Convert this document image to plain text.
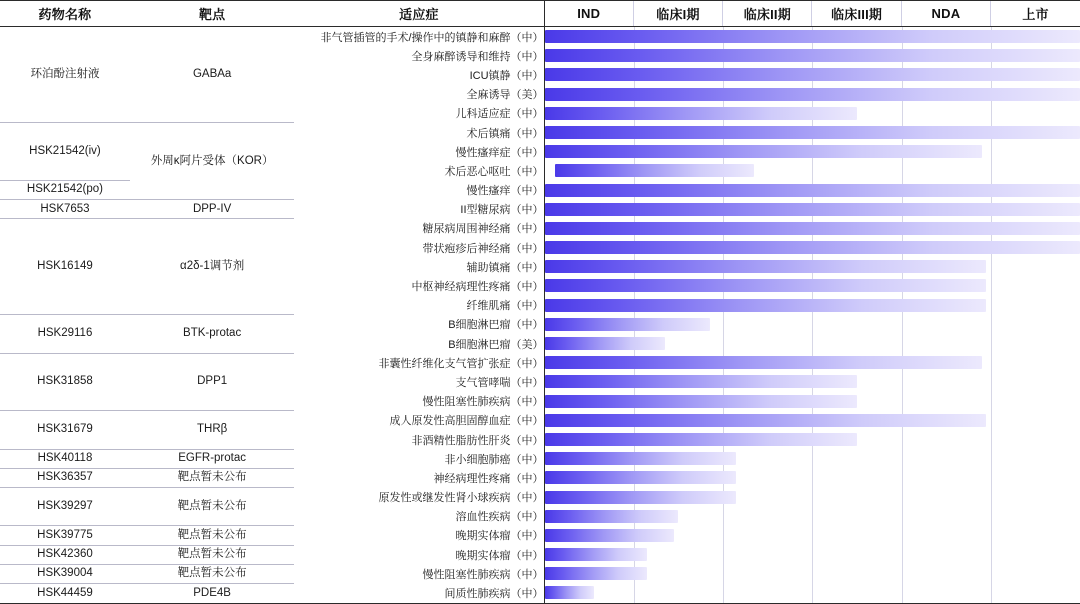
药物名称	靶点	适应症	IND	临床I期	临床II期	临床III期	NDA	上市
环泊酚注射液	GABAa	非气管插管的手术/操作中的镇静和麻醉（中）						

		全身麻醉诱导和维持（中）						

		ICU镇静（中）						

		全麻诱导（美）						

		儿科适应症（中）						

HSK21542(iv)	外周κ阿片受体（KOR）	术后镇痛（中）						

		慢性瘙痒症（中）						

		术后恶心呕吐（中）						

HSK21542(po)		慢性瘙痒（中）						

HSK7653	DPP-IV	II型糖尿病（中）						

HSK16149	α2δ-1调节剂	糖尿病周围神经痛（中）						

		带状疱疹后神经痛（中）						

		辅助镇痛（中）						

		中枢神经病理性疼痛（中）						

		纤维肌痛（中）						

HSK29116	BTK-protac	B细胞淋巴瘤（中）						

		B细胞淋巴瘤（美）						

HSK31858	DPP1	非囊性纤维化支气管扩张症（中）						

		支气管哮喘（中）						

		慢性阻塞性肺疾病（中）						

HSK31679	THRβ	成人原发性高胆固醇血症（中）						

		非酒精性脂肪性肝炎（中）						

HSK40118	EGFR-protac	非小细胞肺癌（中）						

HSK36357	靶点暂未公布	神经病理性疼痛（中）						

HSK39297	靶点暂未公布	原发性或继发性肾小球疾病（中）						

		溶血性疾病（中）						

HSK39775	靶点暂未公布	晚期实体瘤（中）						

HSK42360	靶点暂未公布	晚期实体瘤（中）						

HSK39004	靶点暂未公布	慢性阻塞性肺疾病（中）						

HSK44459	PDE4B	间质性肺疾病（中）						
